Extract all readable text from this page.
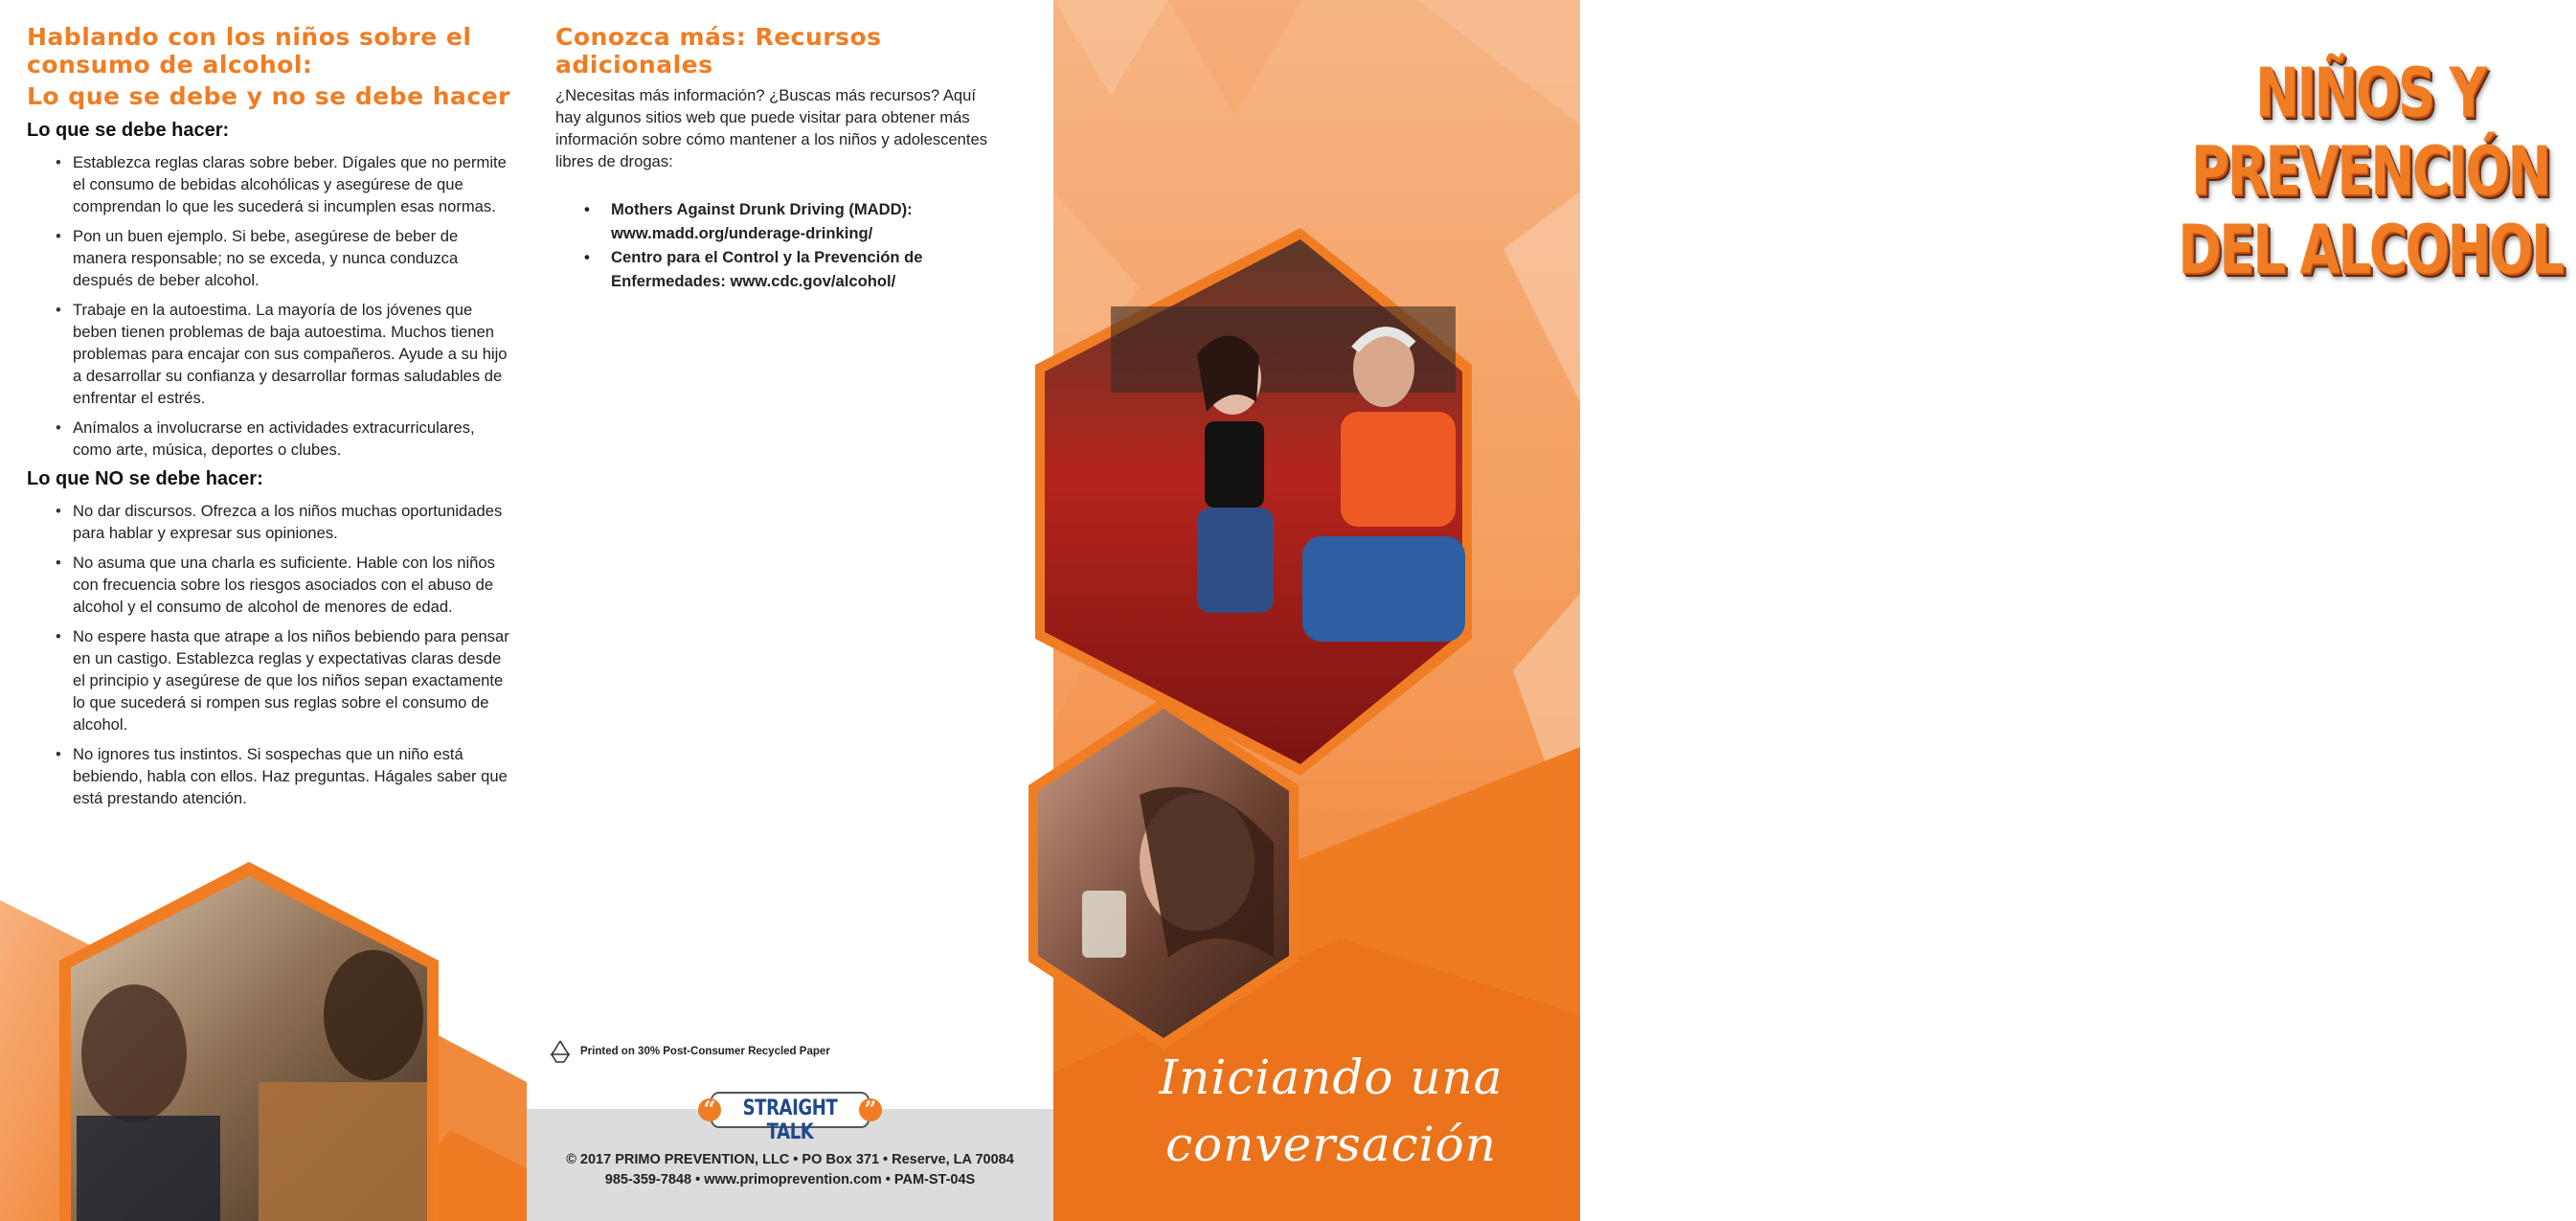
Hablando con los niños sobre el consumo de alcohol:
Lo que se debe y no se debe hacer
Lo que se debe hacer:
• Establezca reglas claras sobre beber. Dígales que no permite el consumo de bebidas alcohólicas y asegúrese de que comprendan lo que les sucederá si incumplen esas normas.
• Pon un buen ejemplo. Si bebe, asegúrese de beber de manera responsable; no se exceda, y nunca conduzca después de beber alcohol.
• Trabaje en la autoestima. La mayoría de los jóvenes que beben tienen problemas de baja autoestima. Muchos tienen problemas para encajar con sus compañeros. Ayude a su hijo a desarrollar su confianza y desarrollar formas saludables de enfrentar el estrés.
• Anímalos a involucrarse en actividades extracurriculares, como arte, música, deportes o clubes.
Lo que NO se debe hacer:
• No dar discursos. Ofrezca a los niños muchas oportunidades para hablar y expresar sus opiniones.
• No asuma que una charla es suficiente. Hable con los niños con frecuencia sobre los riesgos asociados con el abuso de alcohol y el consumo de alcohol de menores de edad.
• No espere hasta que atrape a los niños bebiendo para pensar en un castigo. Establezca reglas y expectativas claras desde el principio y asegúrese de que los niños sepan exactamente lo que sucederá si rompen sus reglas sobre el consumo de alcohol.
• No ignores tus instintos. Si sospechas que un niño está bebiendo, habla con ellos. Haz preguntas. Hágales saber que está prestando atención.
Conozca más: Recursos adicionales

¿Necesitas más información? ¿Buscas más recursos? Aquí hay algunos sitios web que puede visitar para obtener más información sobre cómo mantener a los niños y adolescentes libres de drogas:

• Mothers Against Drunk Driving (MADD): www.madd.org/underage-drinking/
• Centro para el Control y la Prevención de Enfermedades: www.cdc.gov/alcohol/
Printed on 30% Post-Consumer Recycled Paper
“	”
STRAIGHT TALK
© 2017 PRIMO PREVENTION, LLC • PO Box 371 • Reserve, LA 70084
985-359-7848 • www.primoprevention.com • PAM-ST-04S
NIÑOS Y PREVENCIÓN
DEL ALCOHOL
Iniciando una
conversación
